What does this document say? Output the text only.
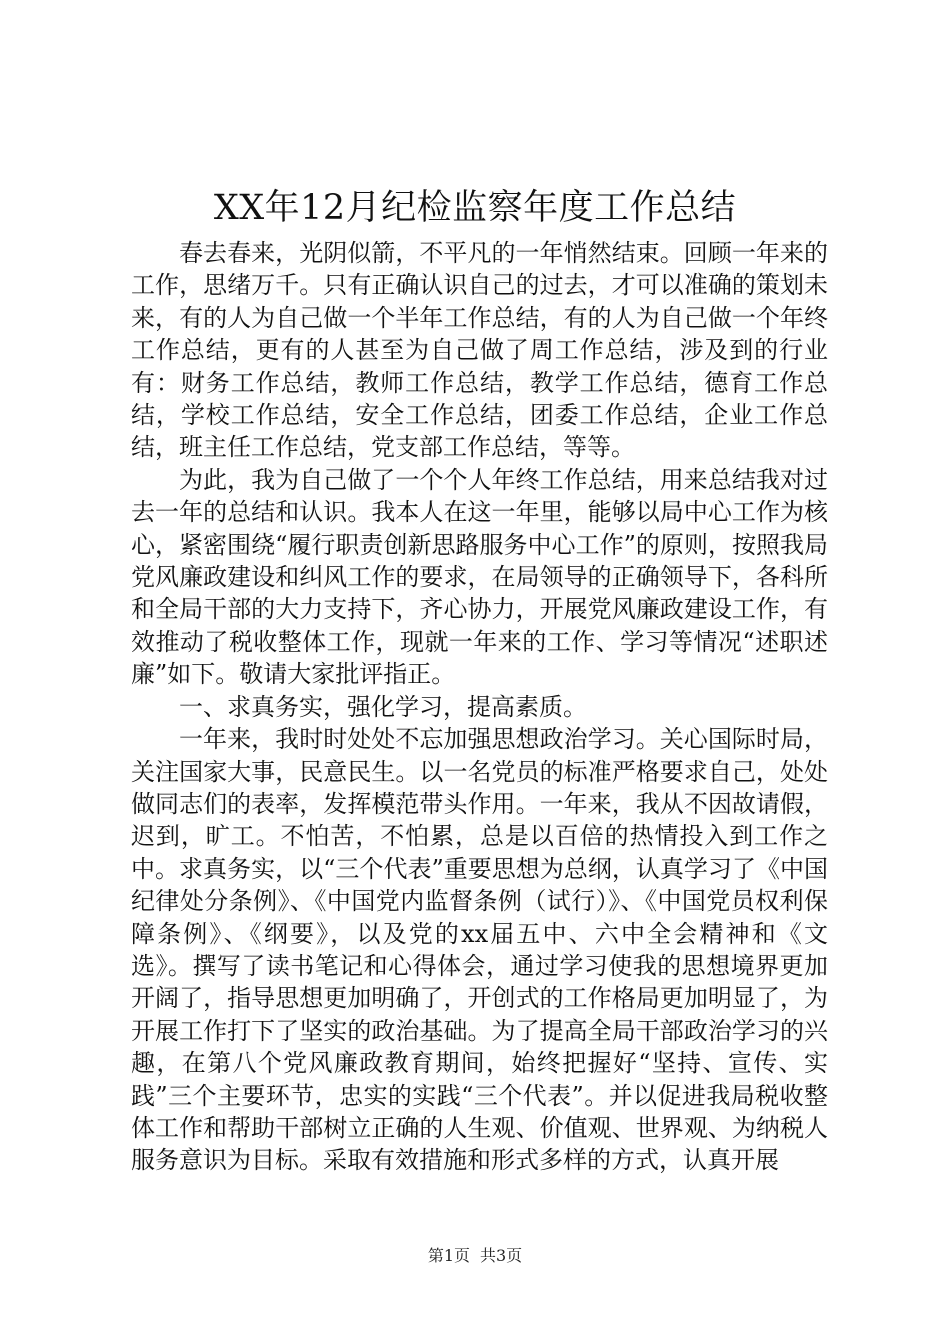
XX年12月纪检监察年度工作总结

春去春来，光阴似箭，不平凡的一年悄然结束。回顾一年来的工作，思绪万千。只有正确认识自己的过去，才可以准确的策划未来，有的人为自己做一个半年工作总结，有的人为自己做一个年终工作总结，更有的人甚至为自己做了周工作总结，涉及到的行业有：财务工作总结，教师工作总结，教学工作总结，德育工作总结，学校工作总结，安全工作总结，团委工作总结，企业工作总结，班主任工作总结，党支部工作总结，等等。

为此，我为自己做了一个个人年终工作总结，用来总结我对过去一年的总结和认识。我本人在这一年里，能够以局中心工作为核心，紧密围绕“履行职责创新思路服务中心工作”的原则，按照我局党风廉政建设和纠风工作的要求，在局领导的正确领导下，各科所和全局干部的大力支持下，齐心协力，开展党风廉政建设工作，有效推动了税收整体工作，现就一年来的工作、学习等情况“述职述廉”如下。敬请大家批评指正。

一、求真务实，强化学习，提高素质。

一年来，我时时处处不忘加强思想政治学习。关心国际时局，关注国家大事，民意民生。以一名党员的标准严格要求自己，处处做同志们的表率，发挥模范带头作用。一年来，我从不因故请假，迟到，旷工。不怕苦，不怕累，总是以百倍的热情投入到工作之中。求真务实，以“三个代表”重要思想为总纲，认真学习了《中国纪律处分条例》、《中国党内监督条例（试行）》、《中国党员权利保障条例》、《纲要》，以及党的xx届五中、六中全会精神和《文选》。撰写了读书笔记和心得体会，通过学习使我的思想境界更加开阔了，指导思想更加明确了，开创式的工作格局更加明显了，为开展工作打下了坚实的政治基础。为了提高全局干部政治学习的兴趣，在第八个党风廉政教育期间，始终把握好“坚持、宣传、实践”三个主要环节，忠实的实践“三个代表”。并以促进我局税收整体工作和帮助干部树立正确的人生观、价值观、世界观、为纳税人服务意识为目标。采取有效措施和形式多样的方式，认真开展

第1页 共3页
